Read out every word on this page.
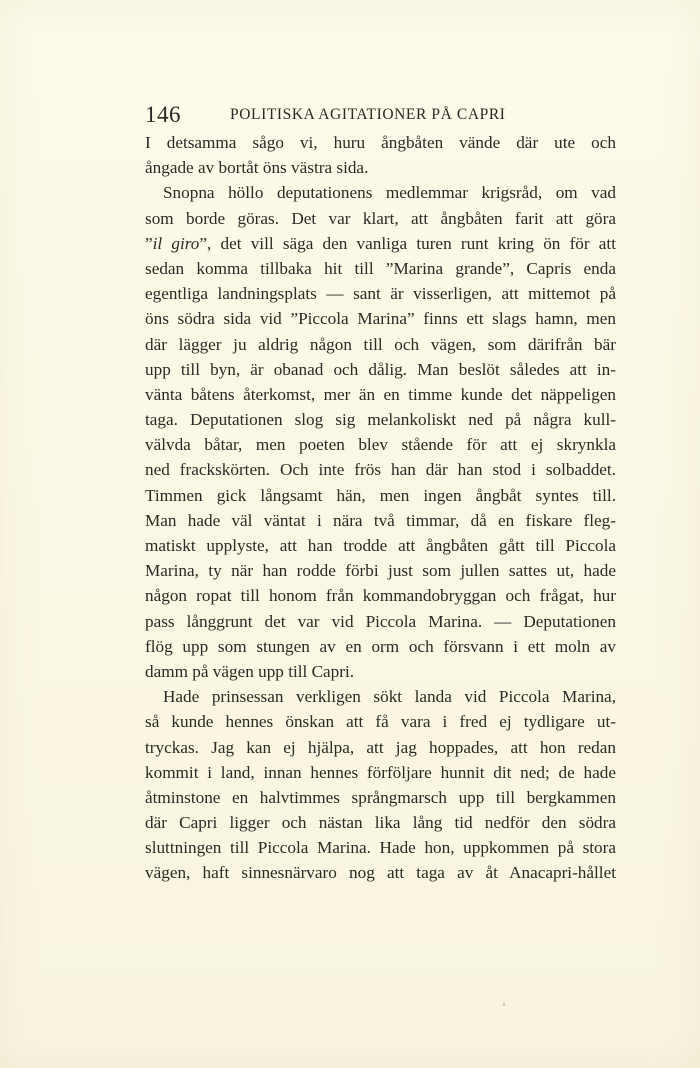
146	POLITISKA AGITATIONER PÅ CAPRI
I detsamma sågo vi, huru ångbåten vände där ute och
ångade av bortåt öns västra sida.
Snopna höllo deputationens medlemmar krigsråd, om vad
som borde göras. Det var klart, att ångbåten farit att göra
”il giro”, det vill säga den vanliga turen runt kring ön för att
sedan komma tillbaka hit till ”Marina grande”, Capris enda
egentliga landningsplats — sant är visserligen, att mittemot på
öns södra sida vid ”Piccola Marina” finns ett slags hamn, men
där lägger ju aldrig någon till och vägen, som därifrån bär
upp till byn, är obanad och dålig. Man beslöt således att in-
vänta båtens återkomst, mer än en timme kunde det näppeligen
taga. Deputationen slog sig melankoliskt ned på några kull-
välvda båtar, men poeten blev stående för att ej skrynkla
ned frackskörten. Och inte frös han där han stod i solbaddet.
Timmen gick långsamt hän, men ingen ångbåt syntes till.
Man hade väl väntat i nära två timmar, då en fiskare fleg-
matiskt upplyste, att han trodde att ångbåten gått till Piccola
Marina, ty när han rodde förbi just som jullen sattes ut, hade
någon ropat till honom från kommandobryggan och frågat, hur
pass långgrunt det var vid Piccola Marina. — Deputationen
flög upp som stungen av en orm och försvann i ett moln av
damm på vägen upp till Capri.
Hade prinsessan verkligen sökt landa vid Piccola Marina,
så kunde hennes önskan att få vara i fred ej tydligare ut-
tryckas. Jag kan ej hjälpa, att jag hoppades, att hon redan
kommit i land, innan hennes förföljare hunnit dit ned; de hade
åtminstone en halvtimmes språngmarsch upp till bergkammen
där Capri ligger och nästan lika lång tid nedför den södra
sluttningen till Piccola Marina. Hade hon, uppkommen på stora
vägen, haft sinnesnärvaro nog att taga av åt Anacapri-hållet
